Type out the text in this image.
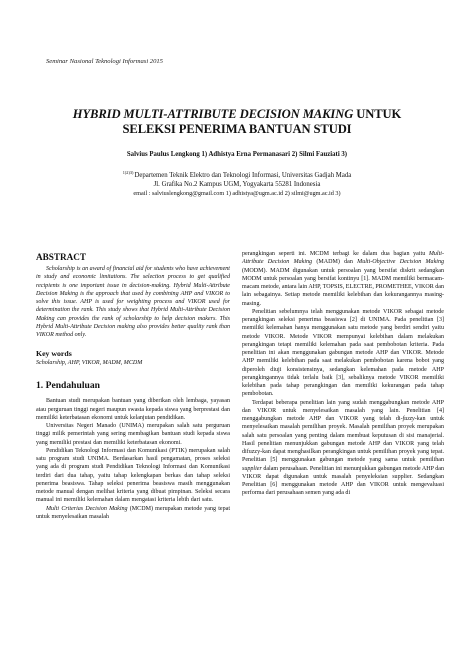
Seminar Nasional Teknologi Informasi 2015
HYBRID MULTI-ATTRIBUTE DECISION MAKING UNTUK
SELEKSI PENERIMA BANTUAN STUDI
Salvius Paulus Lengkong 1) Adhistya Erna Permanasari 2) Silmi Fauziati 3)
$^{1)2)3)}$Departemen Teknik Elektro dan Teknologi Informasi, Universitas Gadjah Mada
Jl. Grafika No.2 Kampus UGM, Yogyakarta 55281 Indonesia
email : salviuslengkong@gmail.com 1) adhistya@ugm.ac.id 2) silmi@ugm.ac.id 3)
ABSTRACT

Scholarship is an award of financial aid for students who have achievement in study and economic limitations. The selection process to get qualified recipients is one important issue in decision-making. Hybrid Multi-Attribute Decision Making is the approach that used by combining AHP and VIKOR to solve this issue. AHP is used for weighting process and VIKOR used for determination the rank. This study shows that Hybrid Multi-Attribute Decision Making can provides the rank of scholarship to help decision makers. This Hybrid Multi-Attribute Decision making also provides better quality rank than VIKOR method only.

Key words

Scholarship, AHP, VIKOR, MADM, MCDM

1. Pendahuluan

Bantuan studi merupakan bantuan yang diberikan oleh lembaga, yayasan atau perguruan tinggi negeri maupun swasta kepada siswa yang berprestasi dan memiliki keterbatasan ekonomi untuk kelanjutan pendidikan.

Universitas Negeri Manado (UNIMA) merupakan salah satu perguruan tinggi milik pemerintah yang sering membagikan bantuan studi kepada siswa yang memiliki prestasi dan memiliki keterbatasan ekonomi.

Pendidikan Teknologi Informasi dan Komunikasi (PTIK) merupakan salah satu program studi UNIMA. Berdasarkan hasil pengamatan, proses seleksi yang ada di program studi Pendidikan Teknologi Informasi dan Komunikasi terdiri dari dua tahap, yaitu tahap kelengkapan berkas dan tahap seleksi penerima beasiswa. Tahap seleksi penerima beasiswa masih menggunakan metode manual dengan melihat kriteria yang dibuat pimpinan. Seleksi secara manual ini memiliki kelemahan dalam mengatasi kriteria lebih dari satu.

Multi Criterias Decision Making (MCDM) merupakan metode yang tepat untuk menyelesaikan masalah

perangkingan seperti ini. MCDM terbagi ke dalam dua bagian yaitu Multi-Attribute Decision Making (MADM) dan Multi-Objective Decision Making (MODM). MADM digunakan untuk persoalan yang bersifat diskrit sedangkan MODM untuk persoalan yang bersifat kontinyu [1]. MADM memiliki bermacam-macam metode, antara lain AHP, TOPSIS, ELECTRE, PROMETHEE, VIKOR dan lain sebagainya. Setiap metode memiliki kelebihan dan kekurangannya masing-masing.

Penelitian sebelumnya telah menggunakan metode VIKOR sebagai metode perangkingan seleksi penerima beasiswa [2] di UNIMA. Pada penelitian [3] memiliki kelemahan hanya menggunakan satu metode yang berdiri sendiri yaitu metode VIKOR. Metode VIKOR mempunyai kelebihan dalam melakukan perangkingan tetapi memiliki kelemahan pada saat pembobotan kriteria. Pada penelitian ini akan menggunakan gabungan metode AHP dan VIKOR. Metode AHP memiliki kelebihan pada saat melakukan pembobotan karena bobot yang diperoleh diuji konsistensinya, sedangkan kelemahan pada metode AHP perangkingannya tidak terlalu baik [3], sebaliknya metode VIKOR memiliki kelebihan pada tahap perangkingan dan memiliki kekurangan pada tahap pembobotan.

Terdapat beberapa penelitian lain yang sudah menggabungkan metode AHP dan VIKOR untuk menyelesaikan masalah yang lain. Penelitian [4] menggabungkan metode AHP dan VIKOR yang telah di-fuzzy-kan untuk menyelesaikan masalah pemilihan proyek. Masalah pemilihan proyek merupakan salah satu persoalan yang penting dalam membuat keputusan di sisi manajerial. Hasil penelitian menunjukkan gabungan metode AHP dan VIKOR yang telah difuzzy-kan dapat menghasilkan perangkingan untuk pemilihan proyek yang tepat. Penelitian [5] menggunakan gabungan metode yang sama untuk pemilihan supplier dalam perusahaan. Penelitian ini menunjukkan gabungan metode AHP dan VIKOR dapat digunakan untuk masalah penyeleksian supplier. Sedangkan Penelitian [6] menggunakan metode AHP dan VIKOR untuk mengevaluasi performa dari perusahaan semen yang ada di
